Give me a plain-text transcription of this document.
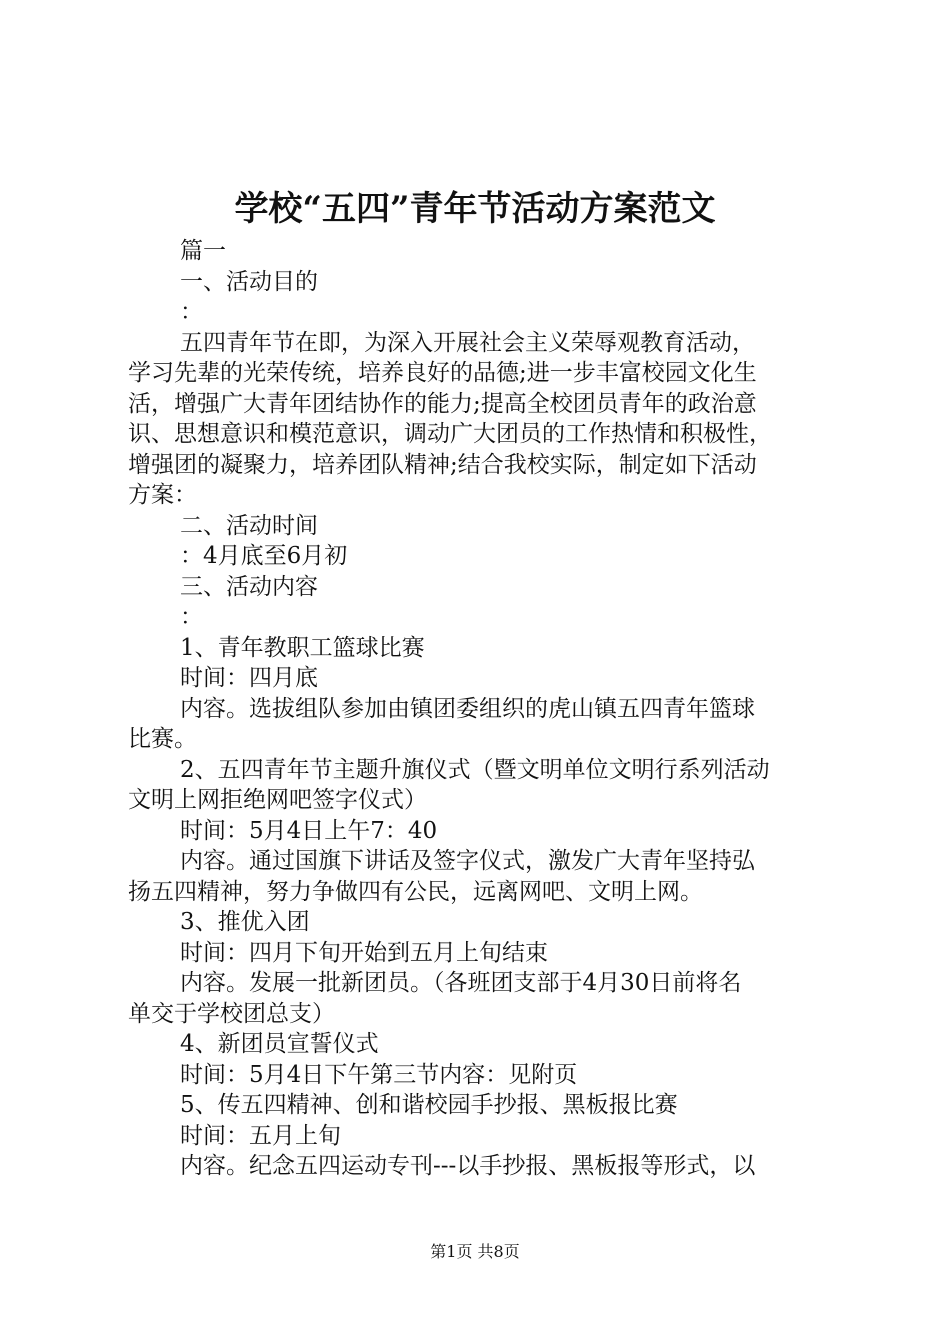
学校“五四”青年节活动方案范文
篇一
一、活动目的
：
五四青年节在即，为深入开展社会主义荣辱观教育活动，
学习先辈的光荣传统，培养良好的品德;进一步丰富校园文化生
活，增强广大青年团结协作的能力;提高全校团员青年的政治意
识、思想意识和模范意识，调动广大团员的工作热情和积极性，
增强团的凝聚力，培养团队精神;结合我校实际，制定如下活动
方案：
二、活动时间
：4月底至6月初
三、活动内容
：
1、青年教职工篮球比赛
时间：四月底
内容。选拔组队参加由镇团委组织的虎山镇五四青年篮球
比赛。
2、五四青年节主题升旗仪式（暨文明单位文明行系列活动
文明上网拒绝网吧签字仪式）
时间：5月4日上午7：40
内容。通过国旗下讲话及签字仪式，激发广大青年坚持弘
扬五四精神，努力争做四有公民，远离网吧、文明上网。
3、推优入团
时间：四月下旬开始到五月上旬结束
内容。发展一批新团员。（各班团支部于4月30日前将名
单交于学校团总支）
4、新团员宣誓仪式
时间：5月4日下午第三节内容：见附页
5、传五四精神、创和谐校园手抄报、黑板报比赛
时间：五月上旬
内容。纪念五四运动专刊---以手抄报、黑板报等形式，以
第1页 共8页
